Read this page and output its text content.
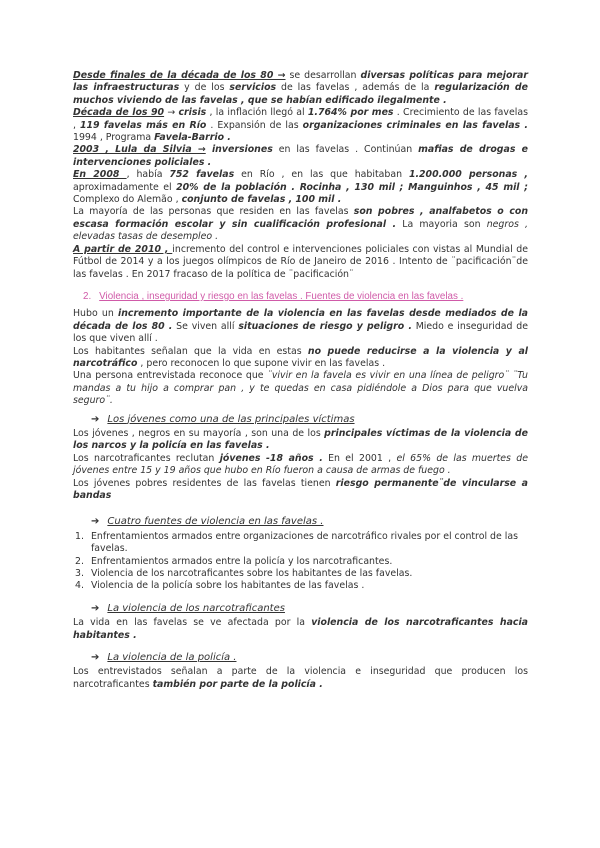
Desde finales de la década de los 80 → se desarrollan diversas políticas para mejorar las infraestructuras y de los servicios de las favelas , además de la regularización de muchos viviendo de las favelas , que se habían edificado ilegalmente .

Década de los 90 → crisis , la inflación llegó al 1.764% por mes . Crecimiento de las favelas , 119 favelas más en Río . Expansión de las organizaciones criminales en las favelas . 1994 , Programa Favela-Barrio .

2003 , Lula da Silvia → inversiones en las favelas . Continúan mafias de drogas e intervenciones policiales .

En 2008 , había 752 favelas en Río , en las que habitaban 1.200.000 personas , aproximadamente el 20% de la población . Rocinha , 130 mil ; Manguinhos , 45 mil ; Complexo do Alemão , conjunto de favelas , 100 mil .

La mayoría de las personas que residen en las favelas son pobres , analfabetos o con escasa formación escolar y sin cualificación profesional . La mayoria son negros , elevadas tasas de desempleo .

A partir de 2010 , incremento del control e intervenciones policiales con vistas al Mundial de Fútbol de 2014 y a los juegos olímpicos de Río de Janeiro de 2016 . Intento de ¨pacificación¨de las favelas . En 2017 fracaso de la política de ¨pacificación¨

2. Violencia , inseguridad y riesgo en las favelas . Fuentes de violencia en las favelas .

Hubo un incremento importante de la violencia en las favelas desde mediados de la década de los 80 . Se viven allí situaciones de riesgo y peligro . Miedo e inseguridad de los que viven allí .

Los habitantes señalan que la vida en estas no puede reducirse a la violencia y al narcotráfico , pero reconocen lo que supone vivir en las favelas .

Una persona entrevistada reconoce que ¨vivir en la favela es vivir en una línea de peligro¨ ¨Tu mandas a tu hijo a comprar pan , y te quedas en casa pidiéndole a Dios para que vuelva seguro¨.

➔ Los jóvenes como una de las principales víctimas

Los jóvenes , negros en su mayoría , son una de los principales víctimas de la violencia de los narcos y la policía en las favelas .

Los narcotraficantes reclutan jóvenes -18 años . En el 2001 , el 65% de las muertes de jóvenes entre 15 y 19 años que hubo en Río fueron a causa de armas de fuego .

Los jóvenes pobres residentes de las favelas tienen riesgo permanente¨de vincularse a bandas

➔ Cuatro fuentes de violencia en las favelas .
1. Enfrentamientos armados entre organizaciones de narcotráfico rivales por el control de las favelas.
2. Enfrentamientos armados entre la policía y los narcotraficantes.
3. Violencia de los narcotraficantes sobre los habitantes de las favelas.
4. Violencia de la policía sobre los habitantes de las favelas .
➔ La violencia de los narcotraficantes

La vida en las favelas se ve afectada por la violencia de los narcotraficantes hacia habitantes .

➔ La violencia de la policía .

Los entrevistados señalan a parte de la violencia e inseguridad que producen los narcotraficantes también por parte de la policía .
